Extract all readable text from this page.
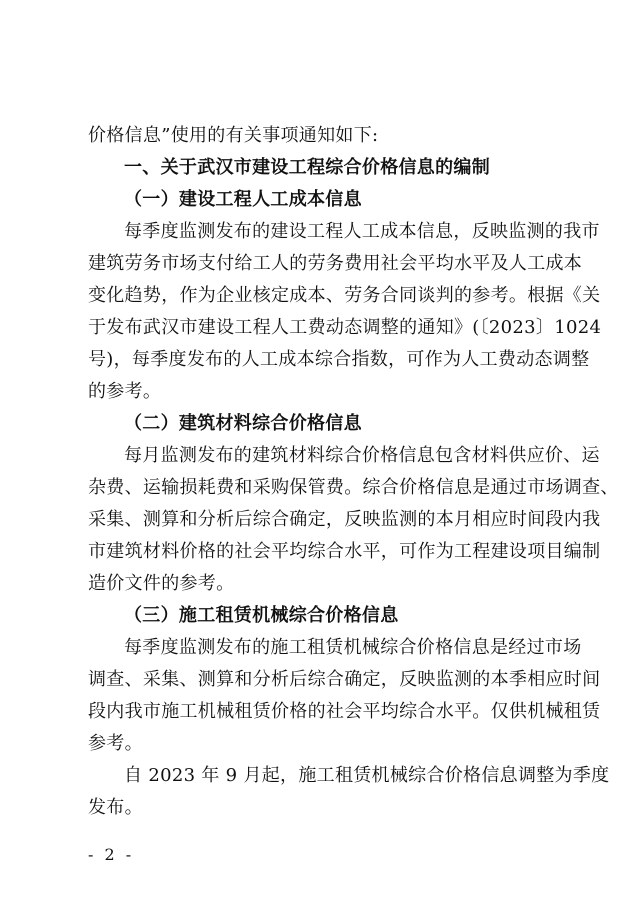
价格信息”使用的有关事项通知如下:
一、关于武汉市建设工程综合价格信息的编制
（一）建设工程人工成本信息
每季度监测发布的建设工程人工成本信息，反映监测的我市
建筑劳务市场支付给工人的劳务费用社会平均水平及人工成本
变化趋势，作为企业核定成本、劳务合同谈判的参考。根据《关
于发布武汉市建设工程人工费动态调整的通知》(〔2023〕1024
号)，每季度发布的人工成本综合指数，可作为人工费动态调整
的参考。
（二）建筑材料综合价格信息
每月监测发布的建筑材料综合价格信息包含材料供应价、运
杂费、运输损耗费和采购保管费。综合价格信息是通过市场调查、
采集、测算和分析后综合确定，反映监测的本月相应时间段内我
市建筑材料价格的社会平均综合水平，可作为工程建设项目编制
造价文件的参考。
（三）施工租赁机械综合价格信息
每季度监测发布的施工租赁机械综合价格信息是经过市场
调查、采集、测算和分析后综合确定，反映监测的本季相应时间
段内我市施工机械租赁价格的社会平均综合水平。仅供机械租赁
参考。
自 2023 年 9 月起，施工租赁机械综合价格信息调整为季度
发布。
- 2 -
